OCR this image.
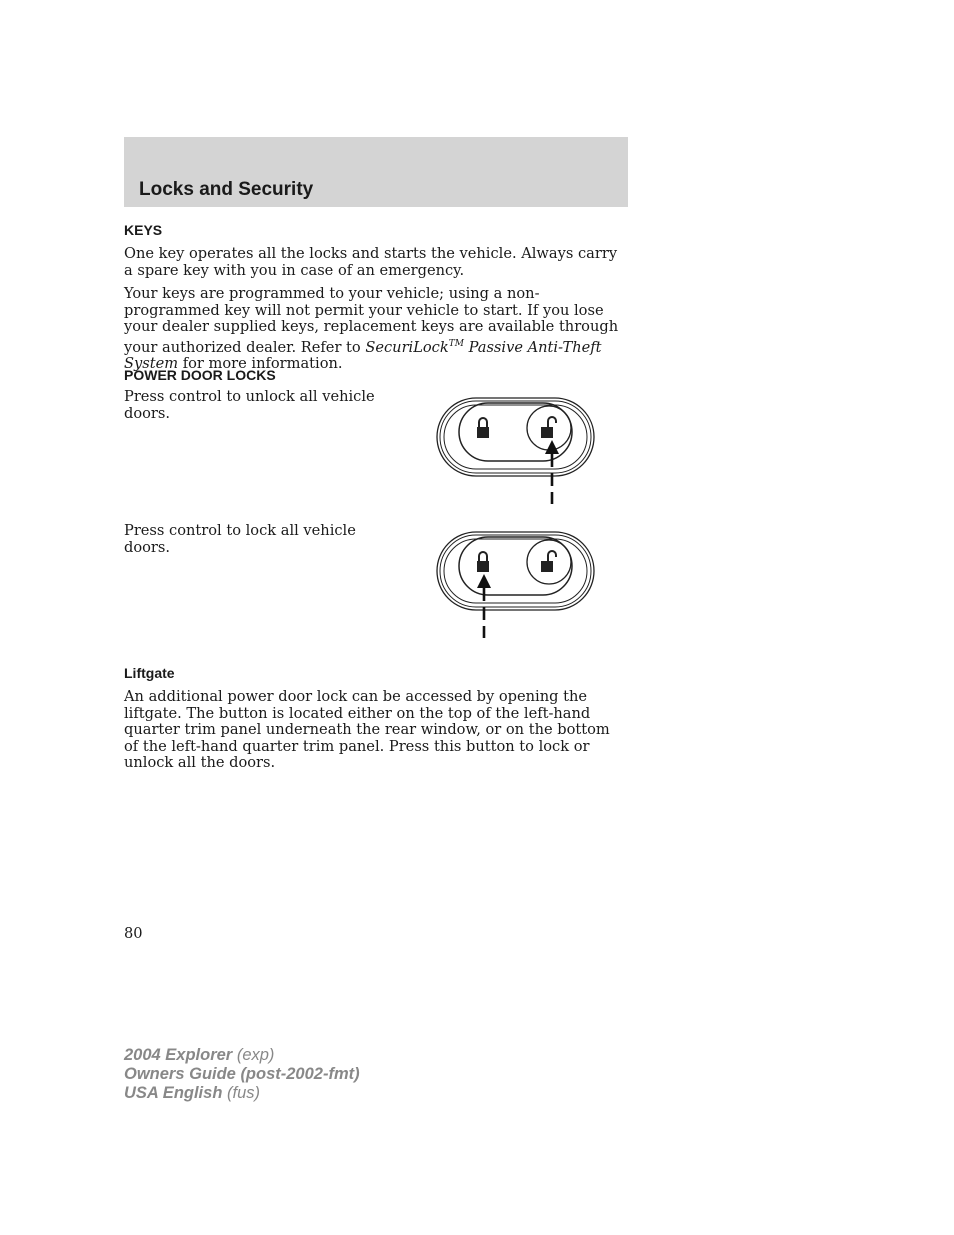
Locks and Security
KEYS

One key operates all the locks and starts the vehicle. Always carry a spare key with you in case of an emergency.

Your keys are programmed to your vehicle; using a non-programmed key will not permit your vehicle to start. If you lose your dealer supplied keys, replacement keys are available through your authorized dealer. Refer to SecuriLock™ Passive Anti-Theft System for more information.

POWER DOOR LOCKS

Press control to unlock all vehicle doors.

Press control to lock all vehicle doors.

Liftgate

An additional power door lock can be accessed by opening the liftgate. The button is located either on the top of the left-hand quarter trim panel underneath the rear window, or on the bottom of the left-hand quarter trim panel. Press this button to lock or unlock all the doors.

80

2004 Explorer (exp)
Owners Guide (post-2002-fmt)
USA English (fus)
